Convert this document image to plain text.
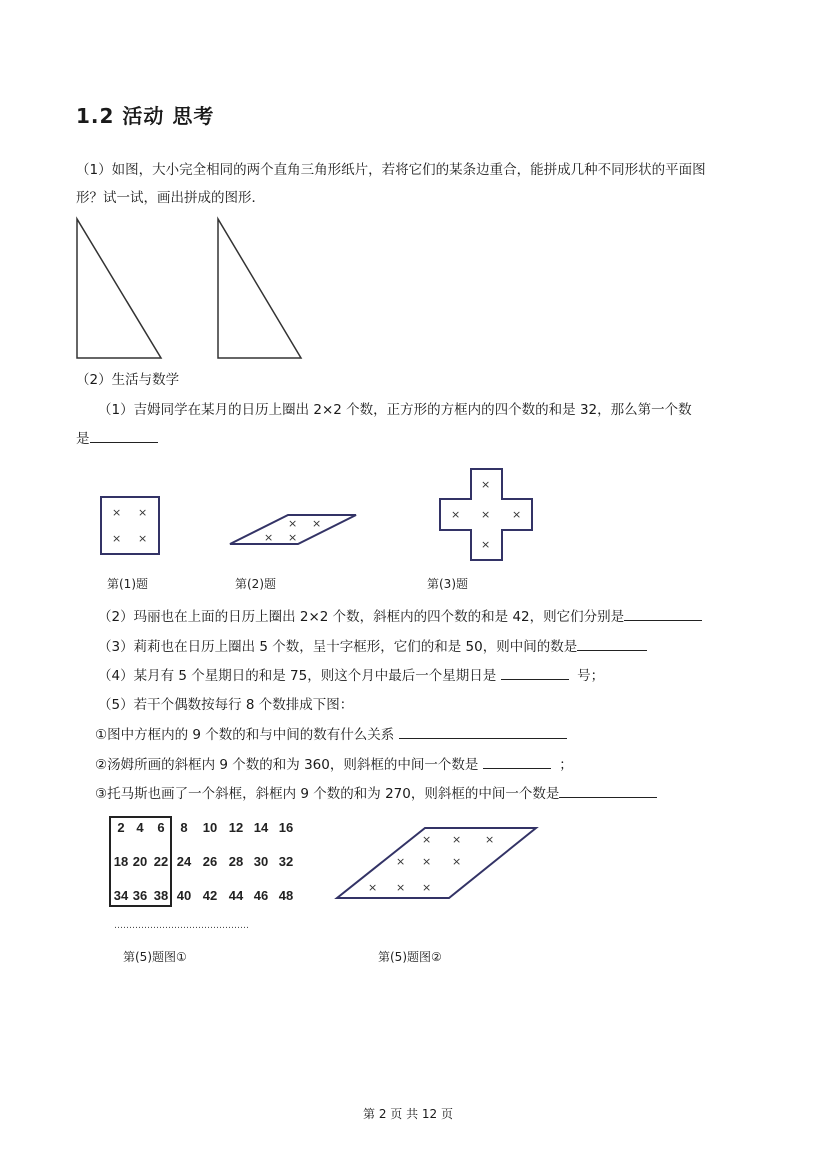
1.2 活动 思考
（1）如图，大小完全相同的两个直角三角形纸片，若将它们的某条边重合，能拼成几种不同形状的平面图
形？试一试，画出拼成的图形．
（2）生活与数学
（1）吉姆同学在某月的日历上圈出 2×2 个数，正方形的方框内的四个数的和是 32，那么第一个数
是
× ×
× ×
× ×
× ×
×
× × ×
×
第(1)题	第(2)题	第(3)题
（2）玛丽也在上面的日历上圈出 2×2 个数，斜框内的四个数的和是 42，则它们分别是
（3）莉莉也在日历上圈出 5 个数，呈十字框形，它们的和是 50，则中间的数是
（4）某月有 5 个星期日的和是 75，则这个月中最后一个星期日是	号；
（5）若干个偶数按每行 8 个数排成下图：
①图中方框内的 9 个数的和与中间的数有什么关系
②汤姆所画的斜框内 9 个数的和为 360，则斜框的中间一个数是	；
③托马斯也画了一个斜框，斜框内 9 个数的和为 270，则斜框的中间一个数是
2 4 6 8 10 12 14 16
18 20 22 24 26 28 30 32
34 36 38 40 42 44 46 48
………………………………………
第(5)题图①
× × ×
× × ×
× × ×
第(5)题图②
第 2 页 共 12 页
